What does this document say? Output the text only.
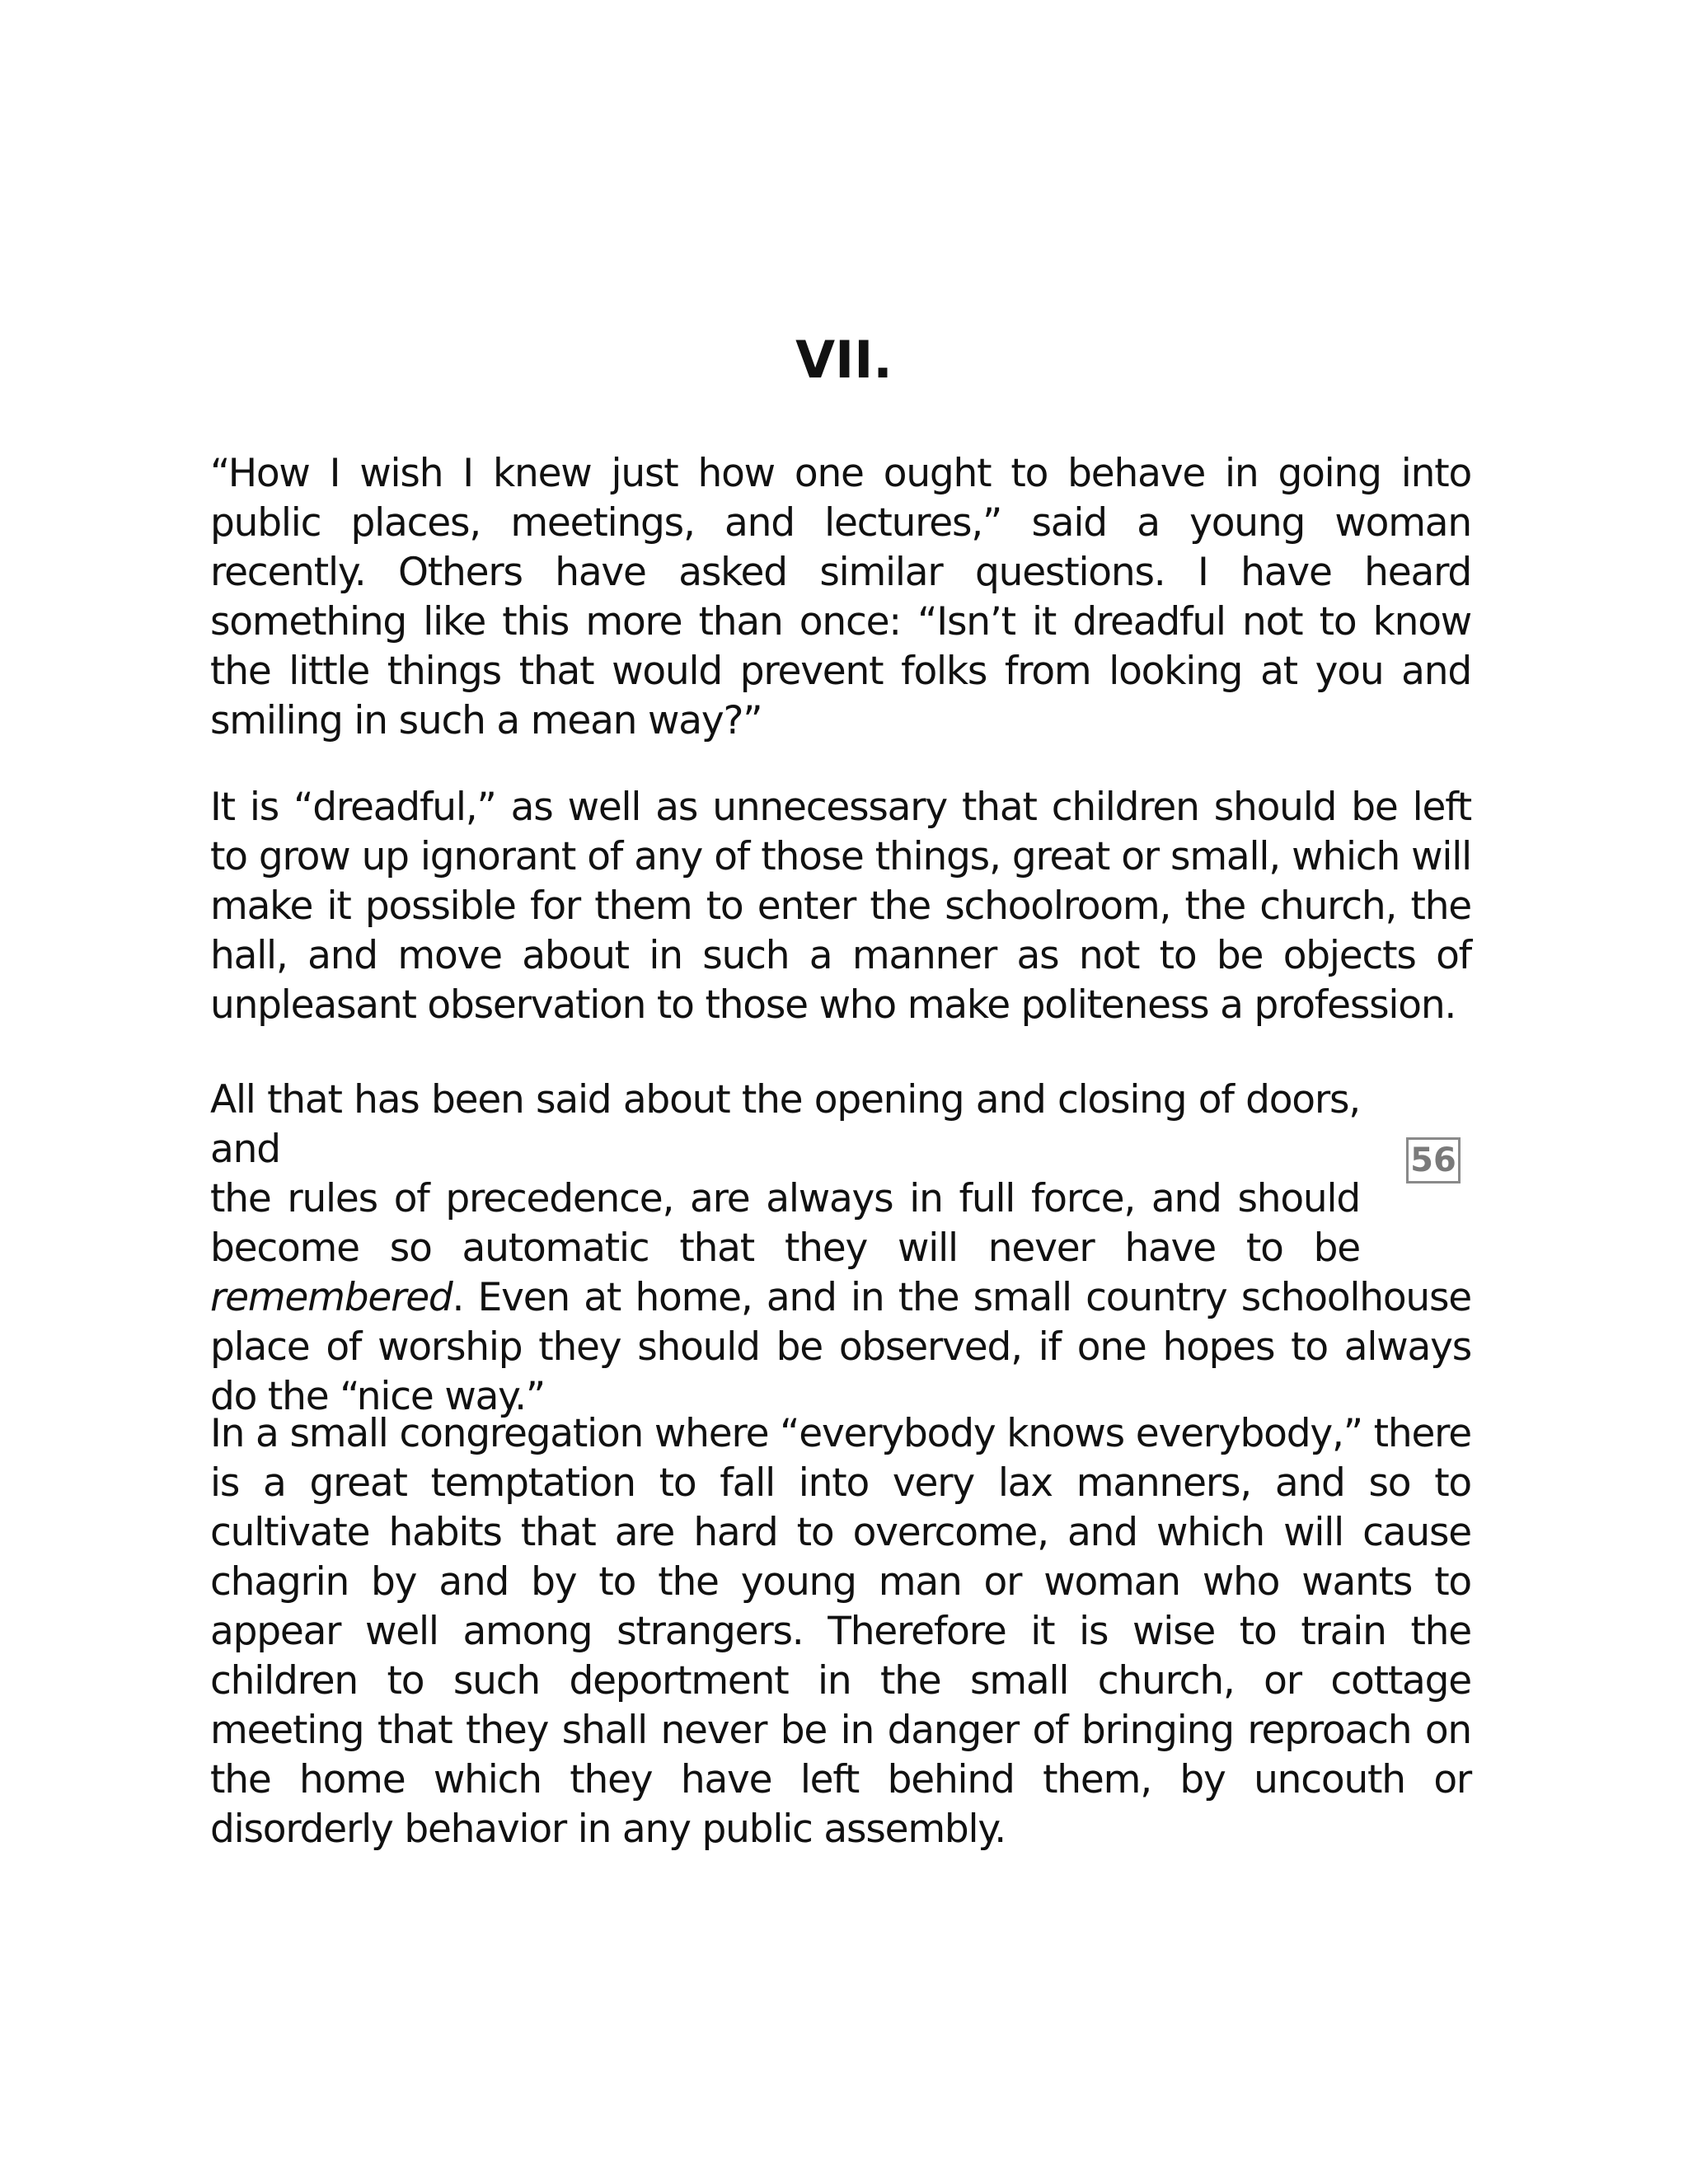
VII.

“How I wish I knew just how one ought to behave in going into public places, meetings, and lectures,” said a young woman recently. Others have asked similar questions. I have heard something like this more than once: “Isn’t it dreadful not to know the little things that would prevent folks from looking at you and smiling in such a mean way?”

It is “dreadful,” as well as unnecessary that children should be left to grow up ignorant of any of those things, great or small, which will make it possible for them to enter the schoolroom, the church, the hall, and move about in such a manner as not to be objects of unpleasant observation to those who make politeness a profession.

All that has been said about the opening and closing of doors, and
the rules of precedence, are always in full force, and should
become so automatic that they will never have to be
remembered. Even at home, and in the small country schoolhouse place of worship they should be observed, if one hopes to always do the “nice way.”
56

In a small congregation where “everybody knows everybody,” there is a great temptation to fall into very lax manners, and so to cultivate habits that are hard to overcome, and which will cause chagrin by and by to the young man or woman who wants to appear well among strangers. Therefore it is wise to train the children to such deportment in the small church, or cottage meeting that they shall never be in danger of bringing reproach on the home which they have left behind them, by uncouth or disorderly behavior in any public assembly.
